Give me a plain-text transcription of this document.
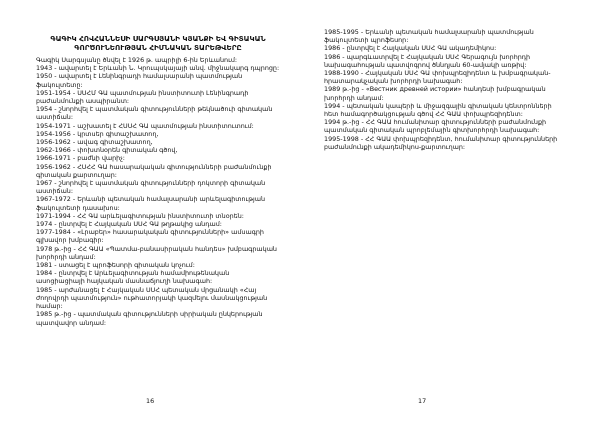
ԳԱԳԻԿ ՀՈՎՀԱՆՆԵՍԻ ՍԱՐԳՍՅԱՆԻ ԿՅԱՆՔԻ ԵՎ ԳԻՏԱԿԱՆ
ԳՈՐԾՈՒՆԵՈՒԹՅԱՆ ՀԻՄՆԱԿԱՆ ՏԱՐԵԹՎԵՐԸ

Գագիկ Սարգսյանը ծնվել է 1926 թ. ապրիլի 6-ին Երևանում:

1943 - ավարտել է Երևանի Ն. Կրուպսկայայի անվ. միջնակարգ դպրոցը:
1950 - ավարտել է Լենինգրադի համալսարանի պատմության ֆակուլտետը:
1951-1954 - ՍՍՀՄ ԳԱ պատմության ինստիտուտի Լենինգրադի բաժանմունքի ասպիրանտ:
1954 - շնորհվել է պատմական գիտությունների թեկնածուի գիտական աստիճան:
1954-1971 - աշխատել է ՀՍՍՀ ԳԱ պատմության ինստիտուտում:
1954-1956 - կրտսեր գիտաշխատող,
1956-1962 - ավագ գիտաշխատող,
1962-1966 - փոխտնօրեն գիտական գծով,
1966-1971 - բաժնի վարիչ:
1956-1962 - ՀՍՀՀ ԳԱ հասարակական գիտությունների բաժանմունքի գիտական քարտուղար:
1967 - շնորհվել է պատմական գիտությունների դոկտորի գիտական աստիճան:
1967-1972 - Երևանի պետական համալսարանի արևելագիտության ֆակուլտետի դասախոս:
1971-1994 - ՀՀ ԳԱ արևելագիտության ինստիտուտի տնօրեն:
1974 - ընտրվել է Հայկական ՍՍՀ ԳԱ թղթակից անդամ:
1977-1984 - «Լրաբեր» հասարակական գիտությունների» ամսագրի գլխավոր խմբագիր:
1978 թ.-ից - ՀՀ ԳԱԱ «Պատմա-բանասիրական հանդես» խմբագրական խորհրդի անդամ:
1981 - ստացել է պրոֆեսորի գիտական կոչում:
1984 - ընտրվել է Արևելագիտության համամիութենական ասոցիացիայի հայկական մասնաճյուղի նախագահ:
1985 - արժանացել է Հայկական ՍՍՀ պետական մրցանակի «Հայ ժողովրդի պատմություն» ութհատորյակի կազմելու մասնակցության համար:
1985 թ.-ից - պատմական գիտությունների սիրիական ընկերության պատվավոր անդամ:
16
1985-1995 - Երևանի պետական համալսարանի պատմության ֆակուլտետի պրոֆեսոր:
1986 - ընտրվել է Հայկական ՍՍՀ ԳԱ ակադեմիկոս:
1986 - պարգևատրվել է Հայկական ՍՍՀ Գերագույն խորհրդի նախագահության պատվոգրով ծննդյան 60-ամյակի առթիվ:
1988-1990 - Հայկական ՍՍՀ ԳԱ փոխպրեզիդենտ և խմբագրական-հրատարակչական խորհրդի նախագահ:
1989 թ.-ից - «Вестник древней истории» հանդեսի խմբագրական խորհրդի անդամ:
1994 - պետական կապերի և միջազգային գիտական կենտրոնների հետ համագործակցության գծով ՀՀ ԳԱԱ փոխպրեզիդենտ:
1994 թ.-ից - ՀՀ ԳԱԱ հումանիտար գիտությունների բաժանմունքի պատմական գիտական պրոբլեմային գիտխորհրդի նախագահ:
1995-1998 - ՀՀ ԳԱԱ փոխպրեզիդենտ, հումանիտար գիտությունների բաժանմունքի ակադեմիկոս-քարտուղար:
17
